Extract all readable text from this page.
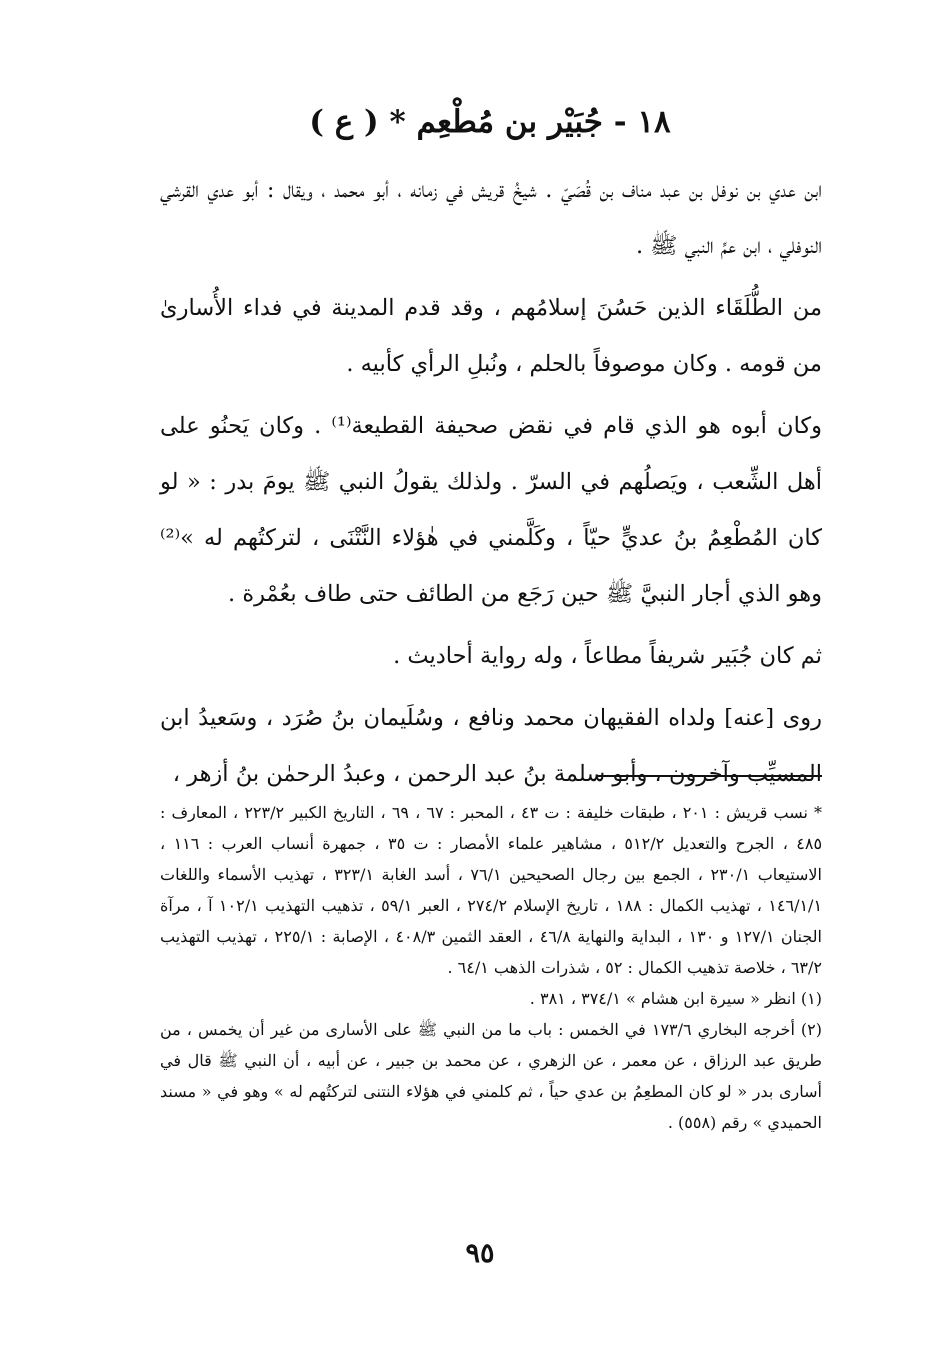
١٨ - جُبَيْر بن مُطْعِم * ( ع )

ابن عدي بن نوفل بن عبد مناف بن قُصَيّ . شيخُ قريش في زمانه ، أبو محمد ، ويقال : أبو عدي القرشي النوفلي ، ابن عمِّ النبي ﷺ .

من الطُّلَقَاء الذين حَسُنَ إسلامُهم ، وقد قدم المدينة في فداء الأُسارىٰ من قومه . وكان موصوفاً بالحلم ، ونُبلِ الرأي كأبيه .

وكان أبوه هو الذي قام في نقض صحيفة القطيعة⁽¹⁾ . وكان يَحنُو على أهل الشِّعب ، ويَصلُهم في السرّ . ولذلك يقولُ النبي ﷺ يومَ بدر : « لو كان المُطْعِمُ بنُ عديٍّ حيّاً ، وكَلَّمني في هٰؤلاء النَّتْنَى ، لتركتُهم له »⁽²⁾ وهو الذي أجار النبيَّ ﷺ حين رَجَع من الطائف حتى طاف بعُمْرة .

ثم كان جُبَير شريفاً مطاعاً ، وله رواية أحاديث .

روى [عنه] ولداه الفقيهان محمد ونافع ، وسُلَيمان بنُ صُرَد ، وسَعيدُ ابن المسيِّب وآخرون ، وأبو سلمة بنُ عبد الرحمن ، وعبدُ الرحمٰن بنُ أزهر ،

* نسب قريش : ٢٠١ ، طبقات خليفة : ت ٤٣ ، المحبر : ٦٧ ، ٦٩ ، التاريخ الكبير ٢٢٣/٢ ، المعارف : ٤٨٥ ، الجرح والتعديل ٥١٢/٢ ، مشاهير علماء الأمصار : ت ٣٥ ، جمهرة أنساب العرب : ١١٦ ، الاستيعاب ٢٣٠/١ ، الجمع بين رجال الصحيحين ٧٦/١ ، أسد الغابة ٣٢٣/١ ، تهذيب الأسماء واللغات ١٤٦/١/١ ، تهذيب الكمال : ١٨٨ ، تاريخ الإسلام ٢٧٤/٢ ، العبر ٥٩/١ ، تذهيب التهذيب ١٠٢/١ آ ، مرآة الجنان ١٢٧/١ و ١٣٠ ، البداية والنهاية ٤٦/٨ ، العقد الثمين ٤٠٨/٣ ، الإصابة : ٢٢٥/١ ، تهذيب التهذيب ٦٣/٢ ، خلاصة تذهيب الكمال : ٥٢ ، شذرات الذهب ٦٤/١ .

(١) انظر « سيرة ابن هشام » ٣٧٤/١ ، ٣٨١ .

(٢) أخرجه البخاري ١٧٣/٦ في الخمس : باب ما من النبي ﷺ على الأسارى من غير أن يخمس ، من طريق عبد الرزاق ، عن معمر ، عن الزهري ، عن محمد بن جبير ، عن أبيه ، أن النبي ﷺ قال في أسارى بدر « لو كان المطعِمُ بن عدي حياً ، ثم كلمني في هؤلاء النتنى لتركتُهم له » وهو في « مسند الحميدي » رقم (٥٥٨) .

٩٥
